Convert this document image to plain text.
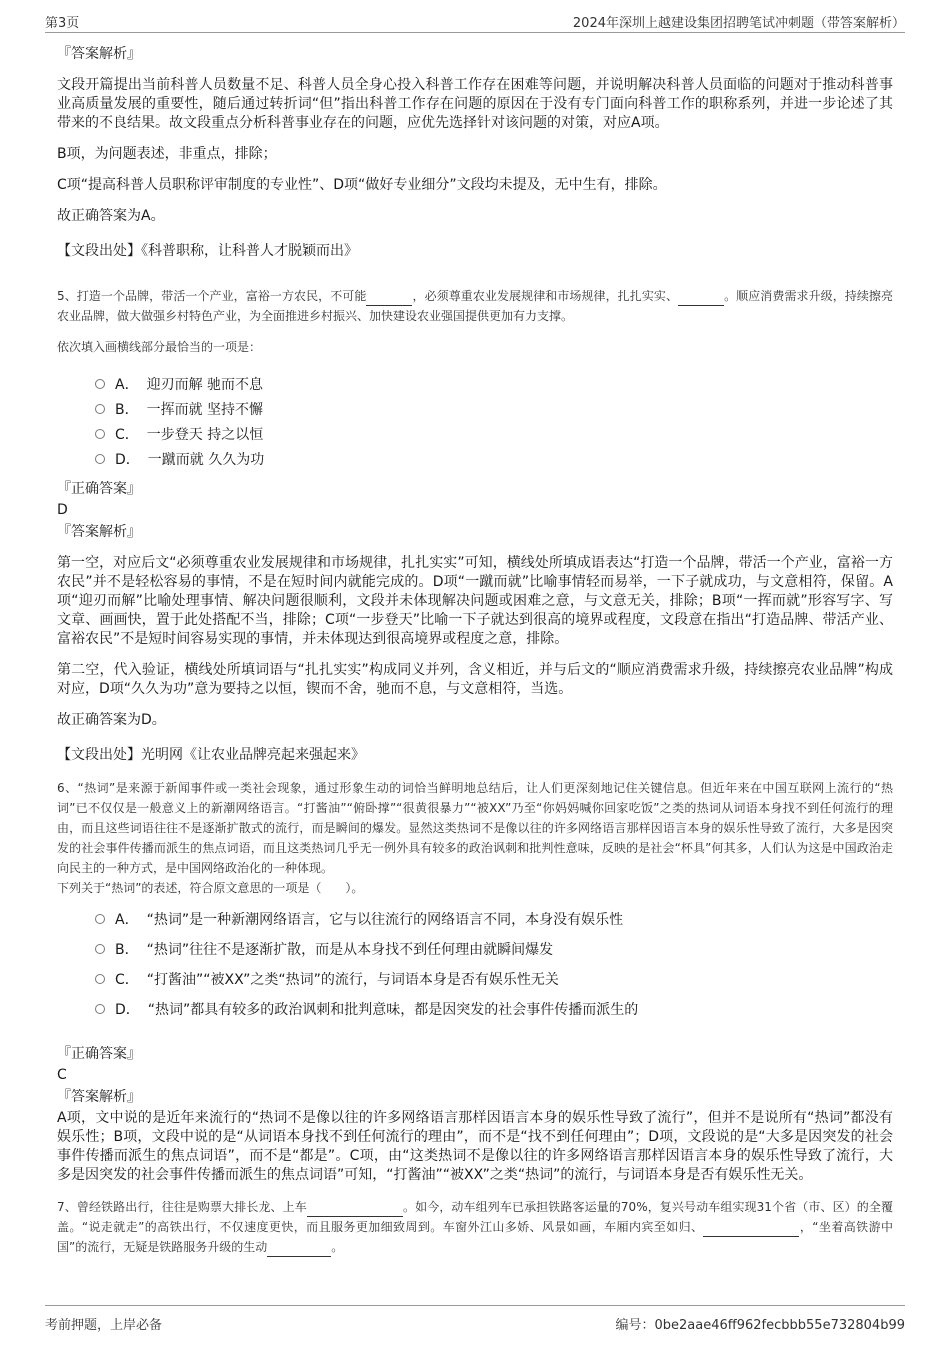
第3页	2024年深圳上越建设集团招聘笔试冲刺题（带答案解析）

『答案解析』

文段开篇提出当前科普人员数量不足、科普人员全身心投入科普工作存在困难等问题，并说明解决科普人员面临的问题对于推动科普事业高质量发展的重要性，随后通过转折词“但”指出科普工作存在问题的原因在于没有专门面向科普工作的职称系列，并进一步论述了其带来的不良结果。故文段重点分析科普事业存在的问题，应优先选择针对该问题的对策，对应A项。

B项，为问题表述，非重点，排除；

C项“提高科普人员职称评审制度的专业性”、D项“做好专业细分”文段均未提及，无中生有，排除。

故正确答案为A。

【文段出处】《科普职称，让科普人才脱颖而出》

5、打造一个品牌，带活一个产业，富裕一方农民，不可能	，必须尊重农业发展规律和市场规律，扎扎实实、	。顺应消费需求升级，持续擦亮农业品牌，做大做强乡村特色产业，为全面推进乡村振兴、加快建设农业强国提供更加有力支撑。

依次填入画横线部分最恰当的一项是：

A． 迎刃而解 驰而不息
B． 一挥而就 坚持不懈
C． 一步登天 持之以恒
D． 一蹴而就 久久为功

『正确答案』

D

『答案解析』

第一空，对应后文“必须尊重农业发展规律和市场规律，扎扎实实”可知，横线处所填成语表达“打造一个品牌，带活一个产业，富裕一方农民”并不是轻松容易的事情，不是在短时间内就能完成的。D项“一蹴而就”比喻事情轻而易举，一下子就成功，与文意相符，保留。A项“迎刃而解”比喻处理事情、解决问题很顺利，文段并未体现解决问题或困难之意，与文意无关，排除；B项“一挥而就”形容写字、写文章、画画快，置于此处搭配不当，排除；C项“一步登天”比喻一下子就达到很高的境界或程度，文段意在指出“打造品牌、带活产业、富裕农民”不是短时间容易实现的事情，并未体现达到很高境界或程度之意，排除。

第二空，代入验证，横线处所填词语与“扎扎实实”构成同义并列，含义相近，并与后文的“顺应消费需求升级，持续擦亮农业品牌”构成对应，D项“久久为功”意为要持之以恒，锲而不舍，驰而不息，与文意相符，当选。

故正确答案为D。

【文段出处】光明网《让农业品牌亮起来强起来》

6、“热词”是来源于新闻事件或一类社会现象，通过形象生动的词恰当鲜明地总结后，让人们更深刻地记住关键信息。但近年来在中国互联网上流行的“热词”已不仅仅是一般意义上的新潮网络语言。“打酱油”“俯卧撑”“很黄很暴力”“被XX”乃至“你妈妈喊你回家吃饭”之类的热词从词语本身找不到任何流行的理由，而且这些词语往往不是逐渐扩散式的流行，而是瞬间的爆发。显然这类热词不是像以往的许多网络语言那样因语言本身的娱乐性导致了流行，大多是因突发的社会事件传播而派生的焦点词语，而且这类热词几乎无一例外具有较多的政治讽刺和批判性意味，反映的是社会“杯具”何其多，人们认为这是中国政治走向民主的一种方式，是中国网络政治化的一种体现。

下列关于“热词”的表述，符合原文意思的一项是（　　）。

A． “热词”是一种新潮网络语言，它与以往流行的网络语言不同，本身没有娱乐性
B． “热词”往往不是逐渐扩散，而是从本身找不到任何理由就瞬间爆发
C． “打酱油”“被XX”之类“热词”的流行，与词语本身是否有娱乐性无关
D． “热词”都具有较多的政治讽刺和批判意味，都是因突发的社会事件传播而派生的

『正确答案』

C

『答案解析』

A项，文中说的是近年来流行的“热词不是像以往的许多网络语言那样因语言本身的娱乐性导致了流行”，但并不是说所有“热词”都没有娱乐性；B项，文段中说的是“从词语本身找不到任何流行的理由”，而不是“找不到任何理由”；D项，文段说的是“大多是因突发的社会事件传播而派生的焦点词语”，而不是“都是”。C项，由“这类热词不是像以往的许多网络语言那样因语言本身的娱乐性导致了流行，大多是因突发的社会事件传播而派生的焦点词语”可知，“打酱油”“被XX”之类“热词”的流行，与词语本身是否有娱乐性无关。

7、曾经铁路出行，往往是购票大排长龙、上车	。如今，动车组列车已承担铁路客运量的70%，复兴号动车组实现31个省（市、区）的全覆盖。“说走就走”的高铁出行，不仅速度更快，而且服务更加细致周到。车窗外江山多娇、风景如画，车厢内宾至如归、	，“坐着高铁游中国”的流行，无疑是铁路服务升级的生动	。

考前押题，上岸必备	编号：0be2aae46ff962fecbbb55e732804b99
